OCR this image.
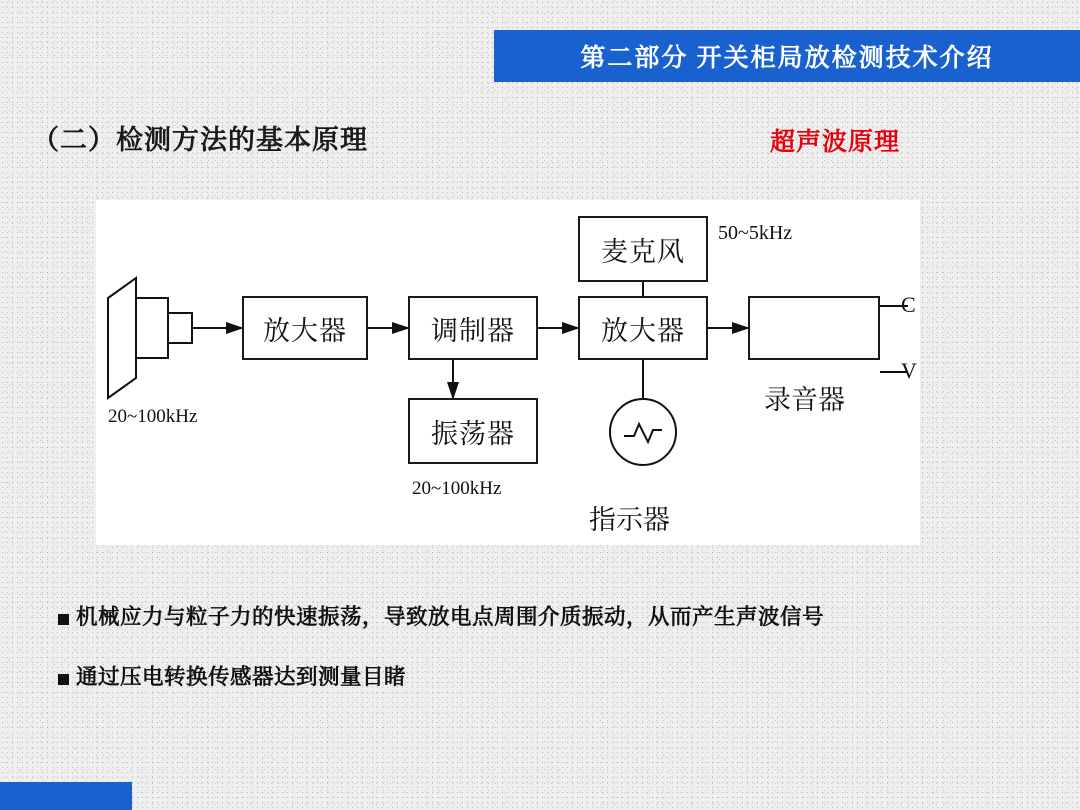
第二部分 开关柜局放检测技术介绍
（二）检测方法的基本原理	超声波原理
麦克风
放大器	调制器	放大器
振荡器
50~5kHz
20~100kHz
20~100kHz
C
V
录音器
指示器
机械应力与粒子力的快速振荡，导致放电点周围介质振动，从而产生声波信号
通过压电转换传感器达到测量目睹
